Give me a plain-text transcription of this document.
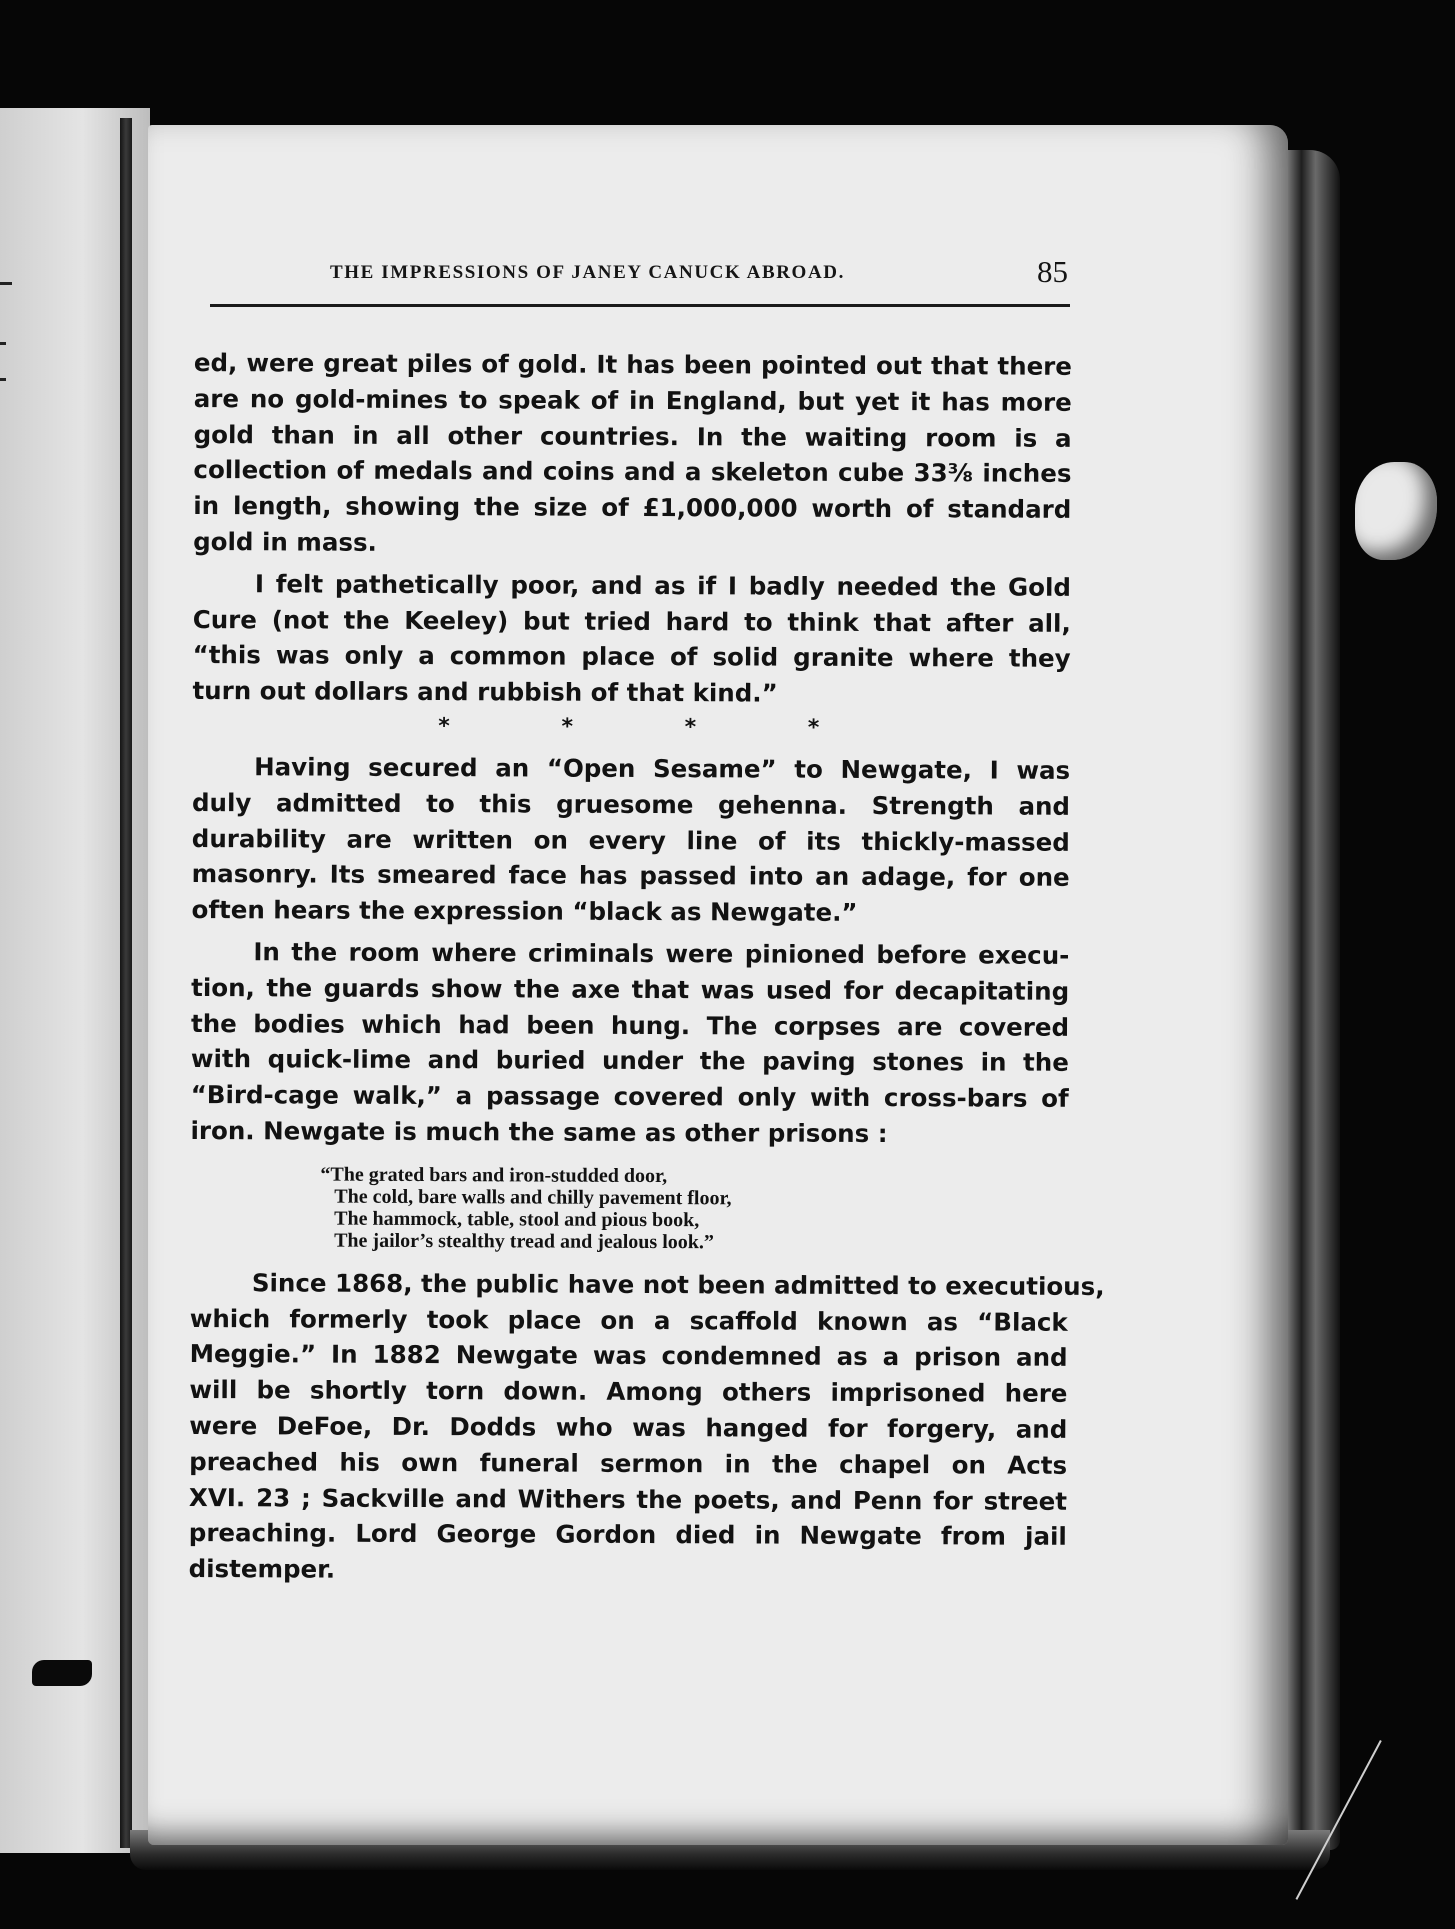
THE IMPRESSIONS OF JANEY CANUCK ABROAD.	85

ed, were great piles of gold. It has been pointed out that there
are no gold-mines to speak of in England, but yet it has more
gold than in all other countries. In the waiting room is a
collection of medals and coins and a skeleton cube 33⅜ inches
in length, showing the size of £1,000,000 worth of standard
gold in mass.

I felt pathetically poor, and as if I badly needed the Gold
Cure (not the Keeley) but tried hard to think that after all,
“this was only a common place of solid granite where they
turn out dollars and rubbish of that kind.”

* * * *

Having secured an “Open Sesame” to Newgate, I was
duly admitted to this gruesome gehenna. Strength and
durability are written on every line of its thickly-massed
masonry. Its smeared face has passed into an adage, for one
often hears the expression “black as Newgate.”

In the room where criminals were pinioned before execu-
tion, the guards show the axe that was used for decapitating
the bodies which had been hung. The corpses are covered
with quick-lime and buried under the paving stones in the
“Bird-cage walk,” a passage covered only with cross-bars of
iron. Newgate is much the same as other prisons :

“The grated bars and iron-studded door,
The cold, bare walls and chilly pavement floor,
The hammock, table, stool and pious book,
The jailor’s stealthy tread and jealous look.”

Since 1868, the public have not been admitted to executious,
which formerly took place on a scaffold known as “Black
Meggie.” In 1882 Newgate was condemned as a prison and
will be shortly torn down. Among others imprisoned here
were DeFoe, Dr. Dodds who was hanged for forgery, and
preached his own funeral sermon in the chapel on Acts
XVI. 23 ; Sackville and Withers the poets, and Penn for street
preaching. Lord George Gordon died in Newgate from jail
distemper.
